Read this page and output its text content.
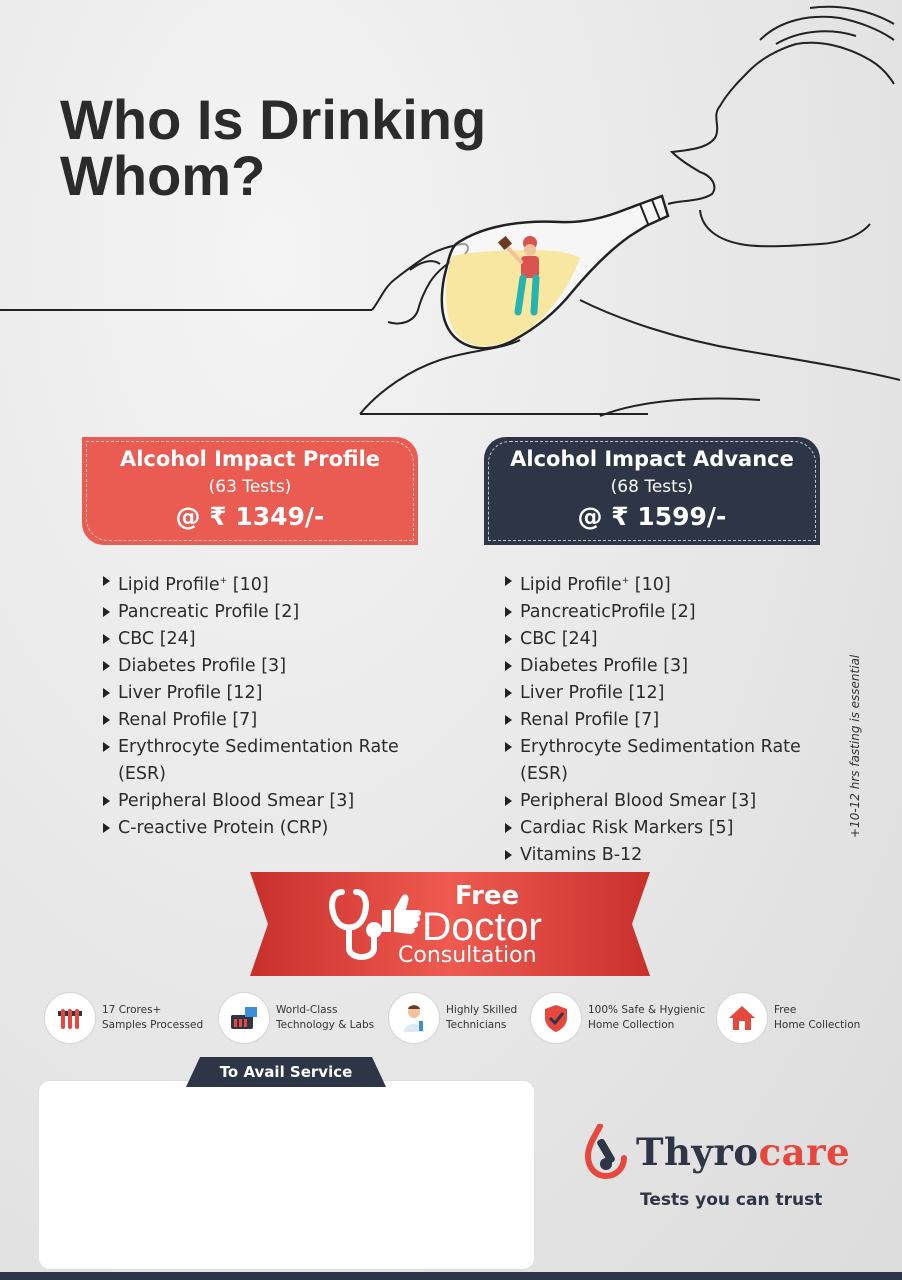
Who Is Drinking
Whom?
Alcohol Impact Profile
(63 Tests)
@ ₹ 1349/-
Alcohol Impact Advance
(68 Tests)
@ ₹ 1599/-
Lipid Profile+ [10]
Pancreatic Profile [2]
CBC [24]
Diabetes Profile [3]
Liver Profile [12]
Renal Profile [7]
Erythrocyte Sedimentation Rate
(ESR)
Peripheral Blood Smear [3]
C-reactive Protein (CRP)
Lipid Profile+ [10]
PancreaticProfile [2]
CBC [24]
Diabetes Profile [3]
Liver Profile [12]
Renal Profile [7]
Erythrocyte Sedimentation Rate
(ESR)
Peripheral Blood Smear [3]
Cardiac Risk Markers [5]
Vitamins B-12
+10-12 hrs fasting is essential
Free
Doctor
Consultation
17 Crores+
Samples Processed
World-Class
Technology & Labs
Highly Skilled
Technicians
100% Safe & Hygienic
Home Collection
Free
Home Collection
To Avail Service
Thyrocare
Tests you can trust
